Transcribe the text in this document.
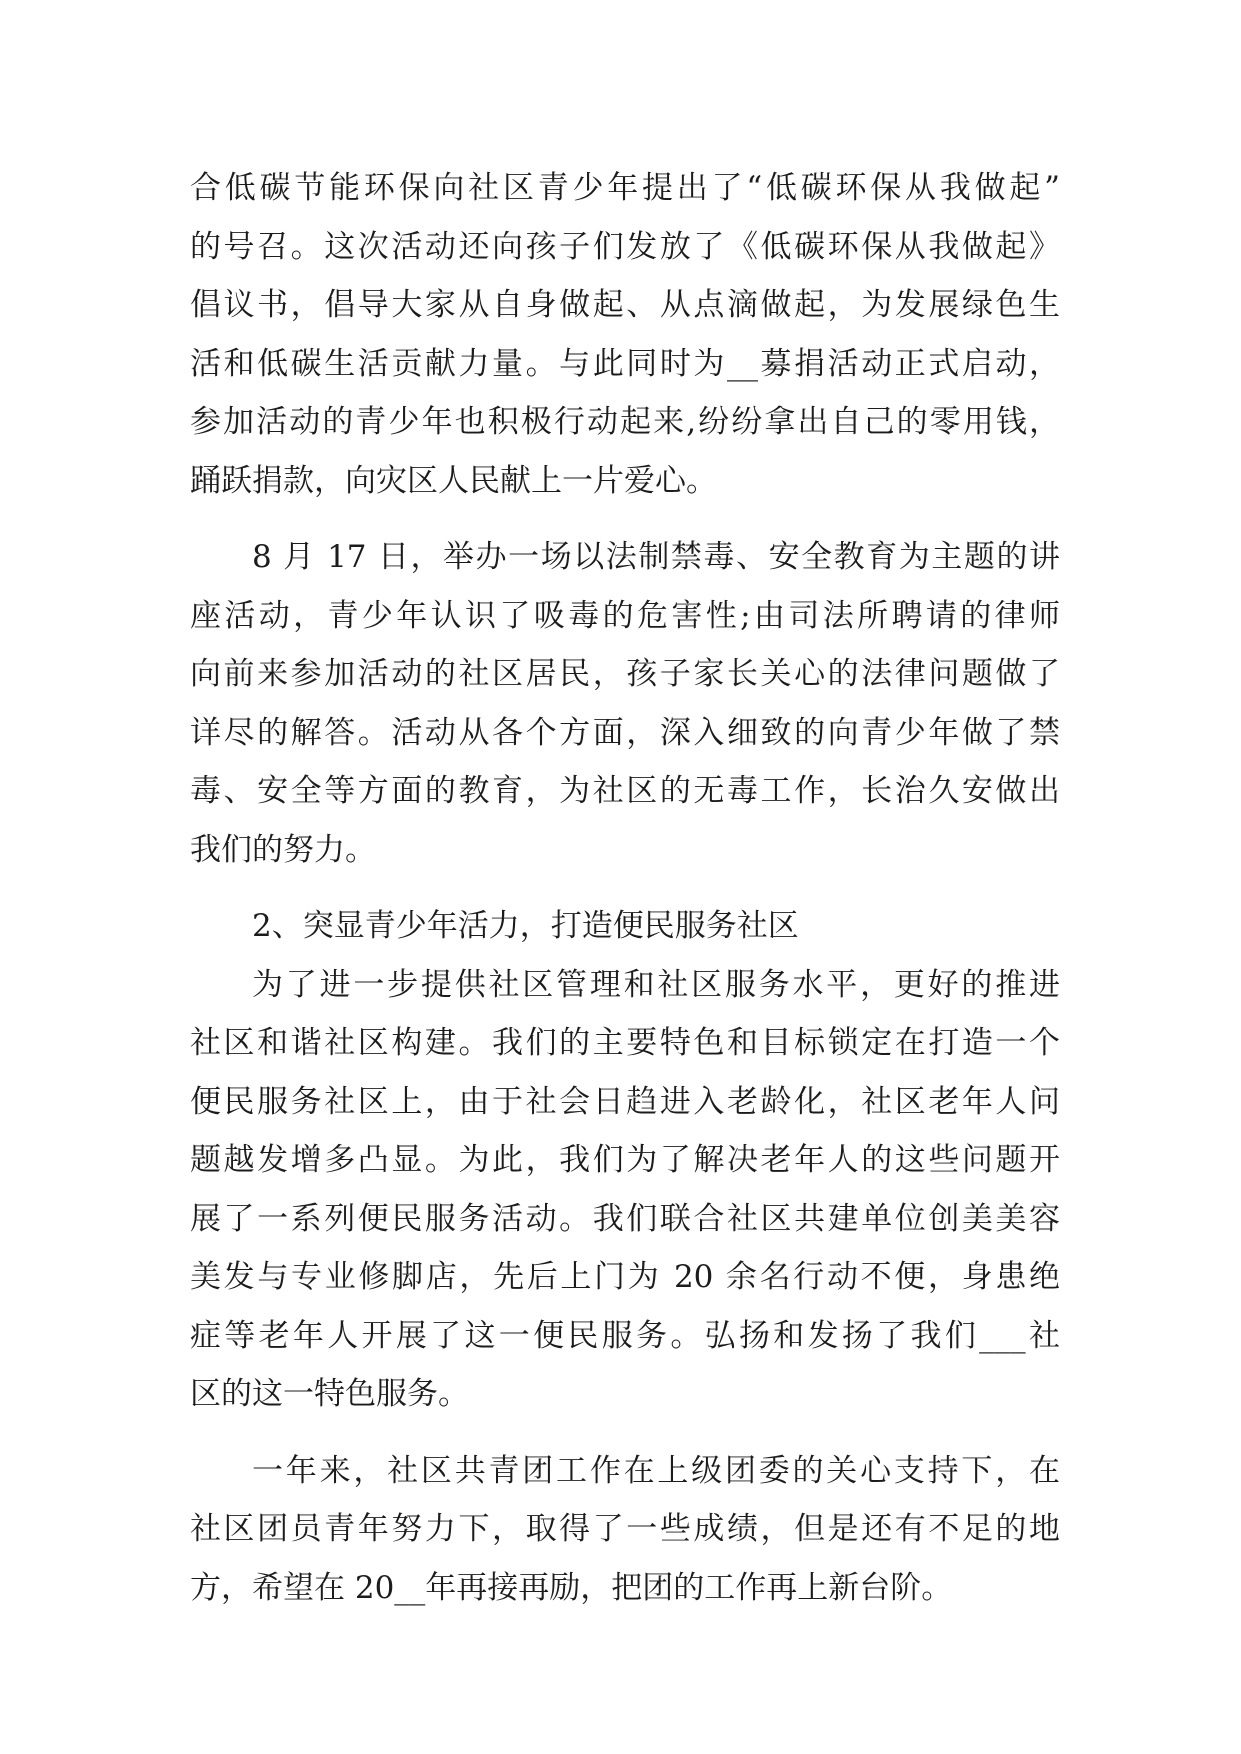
合低碳节能环保向社区青少年提出了“低碳环保从我做起”
的号召。这次活动还向孩子们发放了《低碳环保从我做起》
倡议书，倡导大家从自身做起、从点滴做起，为发展绿色生
活和低碳生活贡献力量。与此同时为__募捐活动正式启动，
参加活动的青少年也积极行动起来,纷纷拿出自己的零用钱，
踊跃捐款，向灾区人民献上一片爱心。
8 月 17 日，举办一场以法制禁毒、安全教育为主题的讲
座活动，青少年认识了吸毒的危害性;由司法所聘请的律师
向前来参加活动的社区居民，孩子家长关心的法律问题做了
详尽的解答。活动从各个方面，深入细致的向青少年做了禁
毒、安全等方面的教育，为社区的无毒工作，长治久安做出
我们的努力。
2、突显青少年活力，打造便民服务社区
为了进一步提供社区管理和社区服务水平，更好的推进
社区和谐社区构建。我们的主要特色和目标锁定在打造一个
便民服务社区上，由于社会日趋进入老龄化，社区老年人问
题越发增多凸显。为此，我们为了解决老年人的这些问题开
展了一系列便民服务活动。我们联合社区共建单位创美美容
美发与专业修脚店，先后上门为 20 余名行动不便，身患绝
症等老年人开展了这一便民服务。弘扬和发扬了我们___社
区的这一特色服务。
一年来，社区共青团工作在上级团委的关心支持下，在
社区团员青年努力下，取得了一些成绩，但是还有不足的地
方，希望在 20__年再接再励，把团的工作再上新台阶。
